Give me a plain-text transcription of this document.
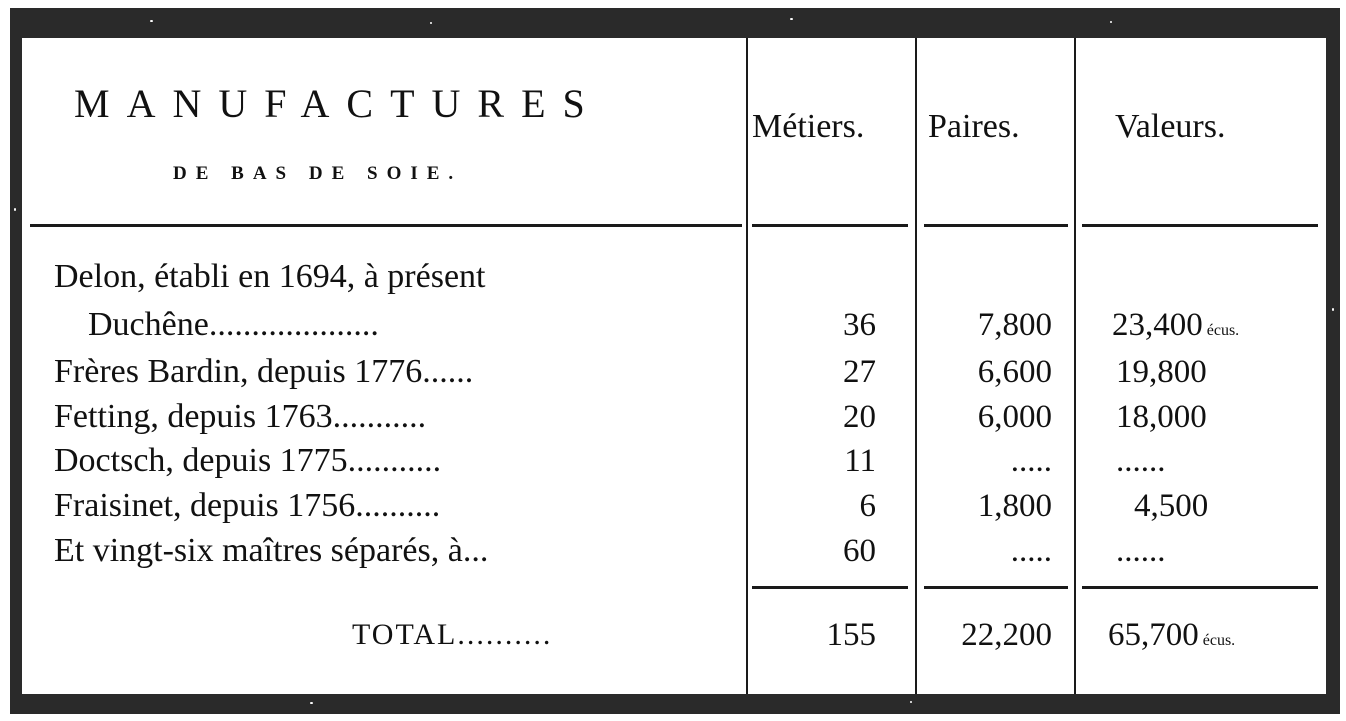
MANUFACTURES
DE BAS DE SOIE.
Métiers. Paires.	Valeurs.
Delon, établi en 1694, à présent
Duchêne....................	36	7,800 23,400 écus.
Frères Bardin, depuis 1776......	27	6,600 19,800
Fetting, depuis 1763...........	20	6,000 18,000
Doctsch, depuis 1775...........	11	..... ......
Fraisinet, depuis 1756..........	6	1,800 4,500
Et vingt-six maîtres séparés, à...	60	..... ......
TOTAL..........	155	22,200 65,700 écus.
